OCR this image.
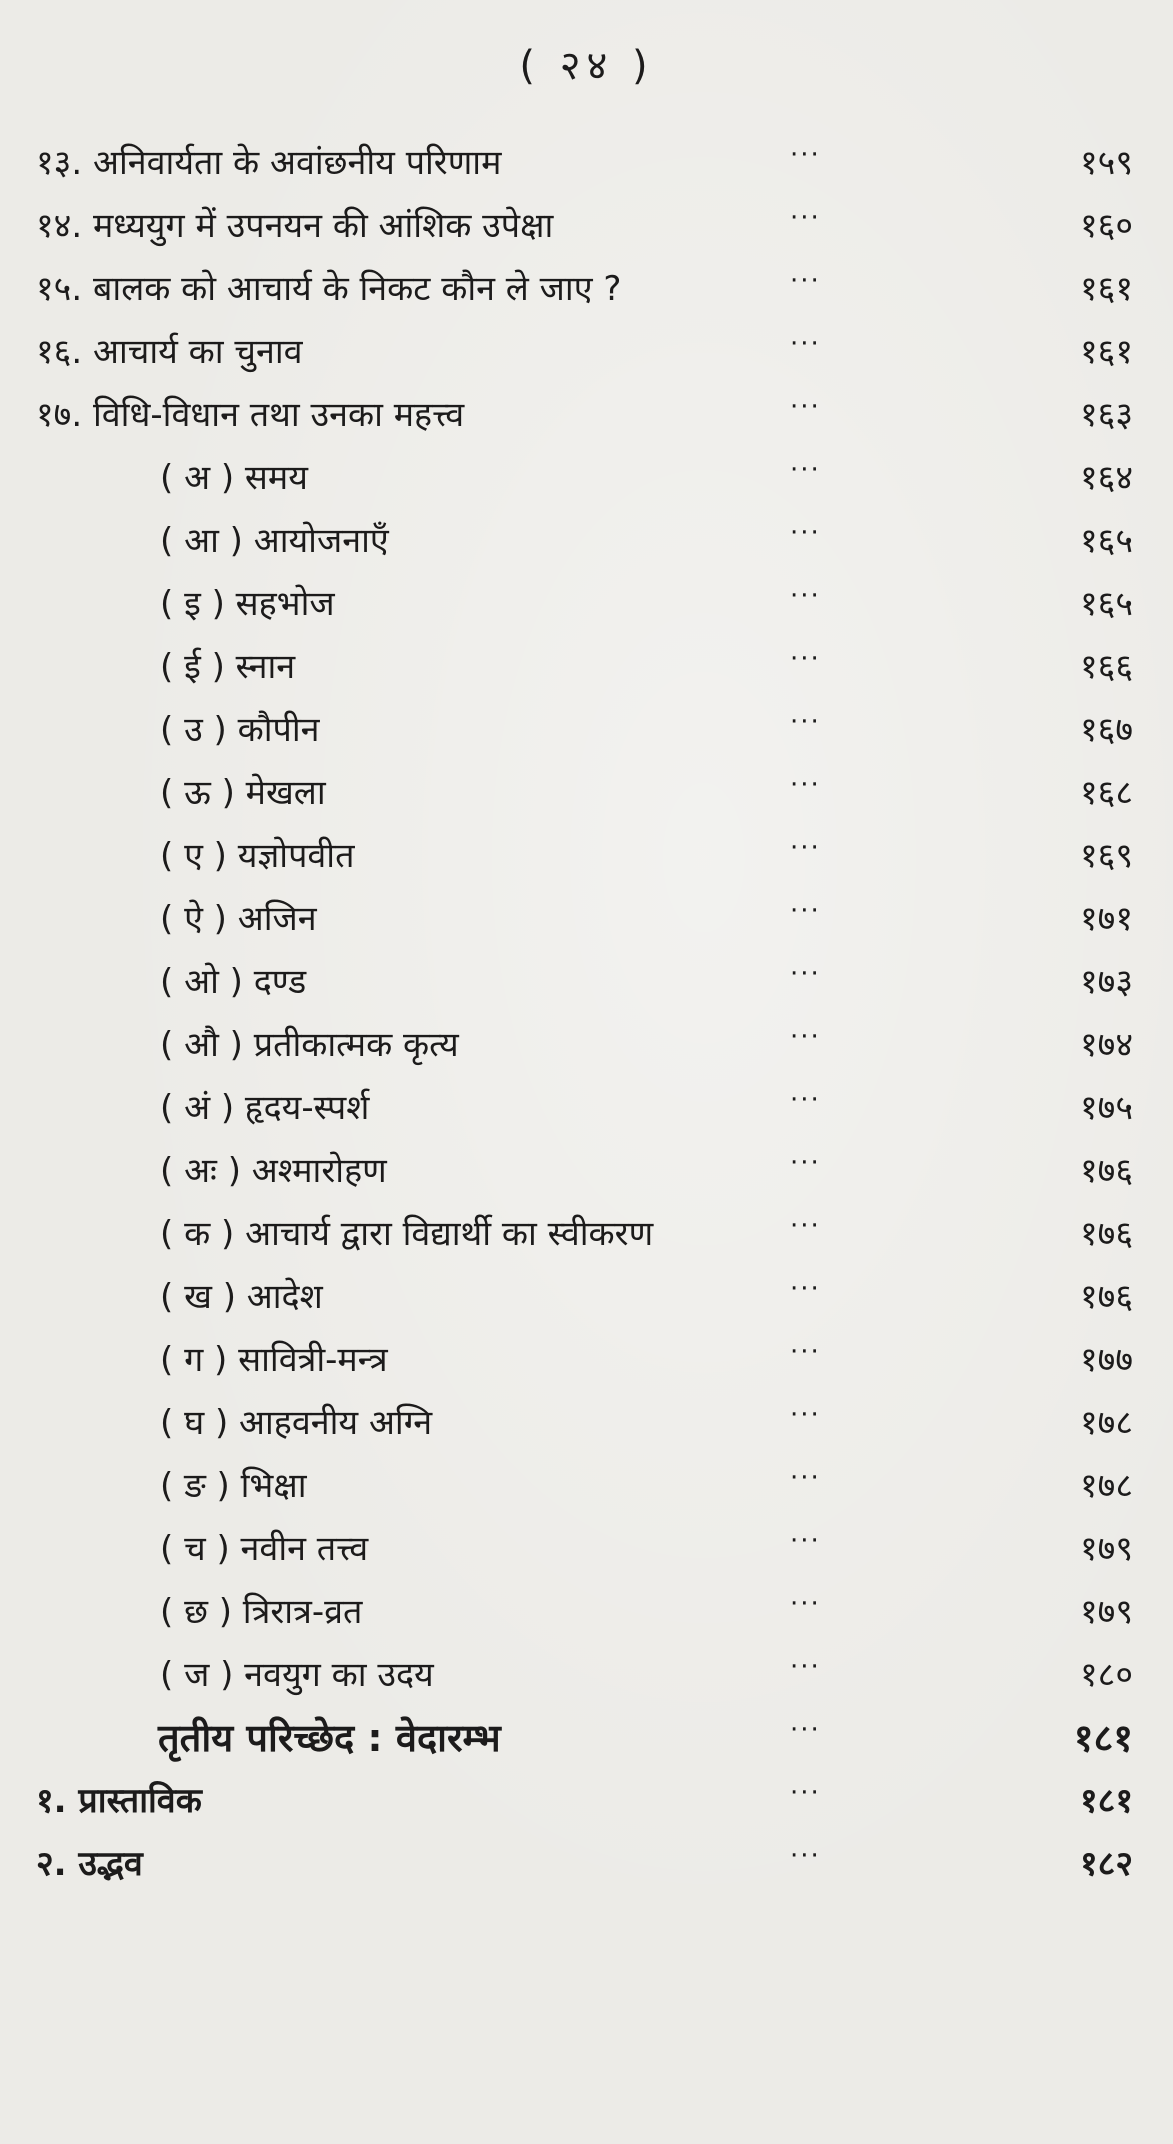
( २४ )
१३. अनिवार्यता के अवांछनीय परिणाम	···	१५९
१४. मध्ययुग में उपनयन की आंशिक उपेक्षा	···	१६०
१५. बालक को आचार्य के निकट कौन ले जाए ?	···	१६१
१६. आचार्य का चुनाव	···	१६१
१७. विधि-विधान तथा उनका महत्त्व	···	१६३
( अ ) समय	···	१६४
( आ ) आयोजनाएँ	···	१६५
( इ ) सहभोज	···	१६५
( ई ) स्नान	···	१६६
( उ ) कौपीन	···	१६७
( ऊ ) मेखला	···	१६८
( ए ) यज्ञोपवीत	···	१६९
( ऐ ) अजिन	···	१७१
( ओ ) दण्ड	···	१७३
( औ ) प्रतीकात्मक कृत्य	···	१७४
( अं ) हृदय-स्पर्श	···	१७५
( अः ) अश्मारोहण	···	१७६
( क ) आचार्य द्वारा विद्यार्थी का स्वीकरण	···	१७६
( ख ) आदेश	···	१७६
( ग ) सावित्री-मन्त्र	···	१७७
( घ ) आहवनीय अग्नि	···	१७८
( ङ ) भिक्षा	···	१७८
( च ) नवीन तत्त्व	···	१७९
( छ ) त्रिरात्र-व्रत	···	१७९
( ज ) नवयुग का उदय	···	१८०
तृतीय परिच्छेद : वेदारम्भ	···	१८१
१. प्रास्ताविक	···	१८१
२. उद्भव	···	१८२
